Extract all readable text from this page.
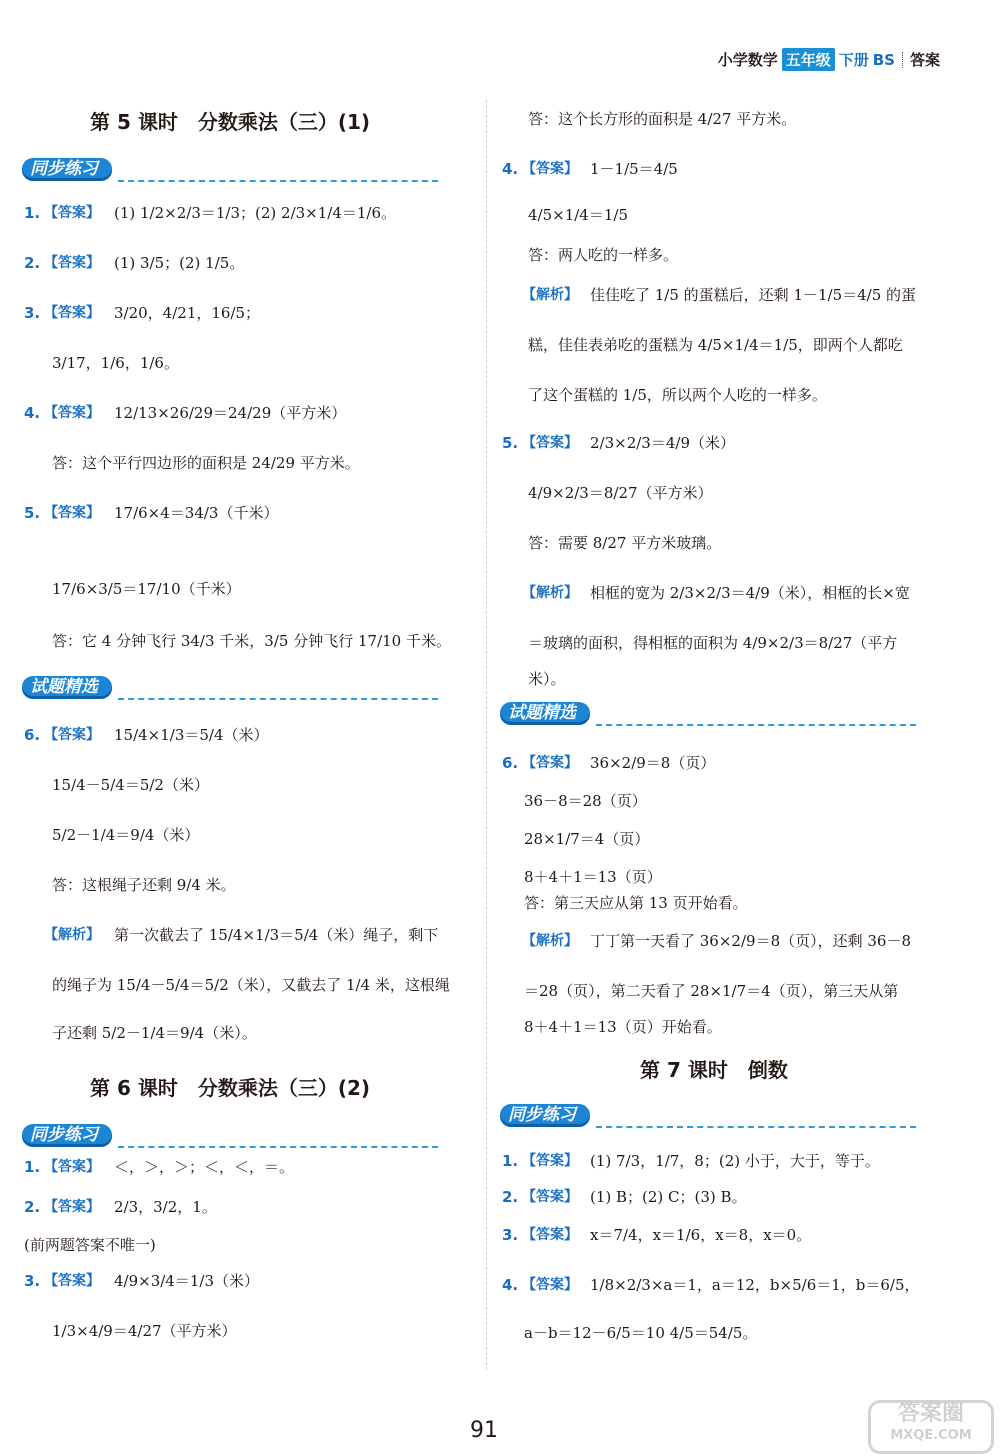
小学数学 五年级 下册 BS 答案
第 5 课时　分数乘法（三）(1)
同步练习
1. 【答案】 (1) 1/2×2/3＝1/3；(2) 2/3×1/4＝1/6。
2. 【答案】 (1) 3/5；(2) 1/5。
3. 【答案】 3/20，4/21，16/5；
3/17，1/6，1/6。
4. 【答案】 12/13×26/29＝24/29（平方米）
答：这个平行四边形的面积是 24/29 平方米。
5. 【答案】 17/6×4＝34/3（千米）
17/6×3/5＝17/10（千米）
答：它 4 分钟飞行 34/3 千米，3/5 分钟飞行 17/10 千米。
试题精选
6. 【答案】 15/4×1/3＝5/4（米）
15/4－5/4＝5/2（米）
5/2－1/4＝9/4（米）
答：这根绳子还剩 9/4 米。
【解析】 第一次截去了 15/4×1/3＝5/4（米）绳子，剩下
的绳子为 15/4－5/4＝5/2（米），又截去了 1/4 米，这根绳
子还剩 5/2－1/4＝9/4（米）。
第 6 课时　分数乘法（三）(2)
同步练习
1. 【答案】 ＜，＞，＞；＜，＜，＝。
2. 【答案】 2/3，3/2，1。
(前两题答案不唯一)
3. 【答案】 4/9×3/4＝1/3（米）
1/3×4/9＝4/27（平方米）
答：这个长方形的面积是 4/27 平方米。
4. 【答案】 1－1/5＝4/5
4/5×1/4＝1/5
答：两人吃的一样多。
【解析】 佳佳吃了 1/5 的蛋糕后，还剩 1－1/5＝4/5 的蛋
糕，佳佳表弟吃的蛋糕为 4/5×1/4＝1/5，即两个人都吃
了这个蛋糕的 1/5，所以两个人吃的一样多。
5. 【答案】 2/3×2/3＝4/9（米）
4/9×2/3＝8/27（平方米）
答：需要 8/27 平方米玻璃。
【解析】 相框的宽为 2/3×2/3＝4/9（米），相框的长×宽
＝玻璃的面积，得相框的面积为 4/9×2/3＝8/27（平方
米）。
试题精选
6. 【答案】 36×2/9＝8（页）
36－8＝28（页）
28×1/7＝4（页）
8＋4＋1＝13（页）
答：第三天应从第 13 页开始看。
【解析】 丁丁第一天看了 36×2/9＝8（页），还剩 36－8
＝28（页），第二天看了 28×1/7＝4（页），第三天从第
8＋4＋1＝13（页）开始看。
第 7 课时　倒数
同步练习
1. 【答案】 (1) 7/3，1/7，8；(2) 小于，大于，等于。
2. 【答案】 (1) B；(2) C；(3) B。
3. 【答案】 x＝7/4，x＝1/6，x＝8，x＝0。
4. 【答案】 1/8×2/3×a＝1，a＝12，b×5/6＝1，b＝6/5，
a－b＝12－6/5＝10 4/5＝54/5。
91
答案圈
MXQE.COM
